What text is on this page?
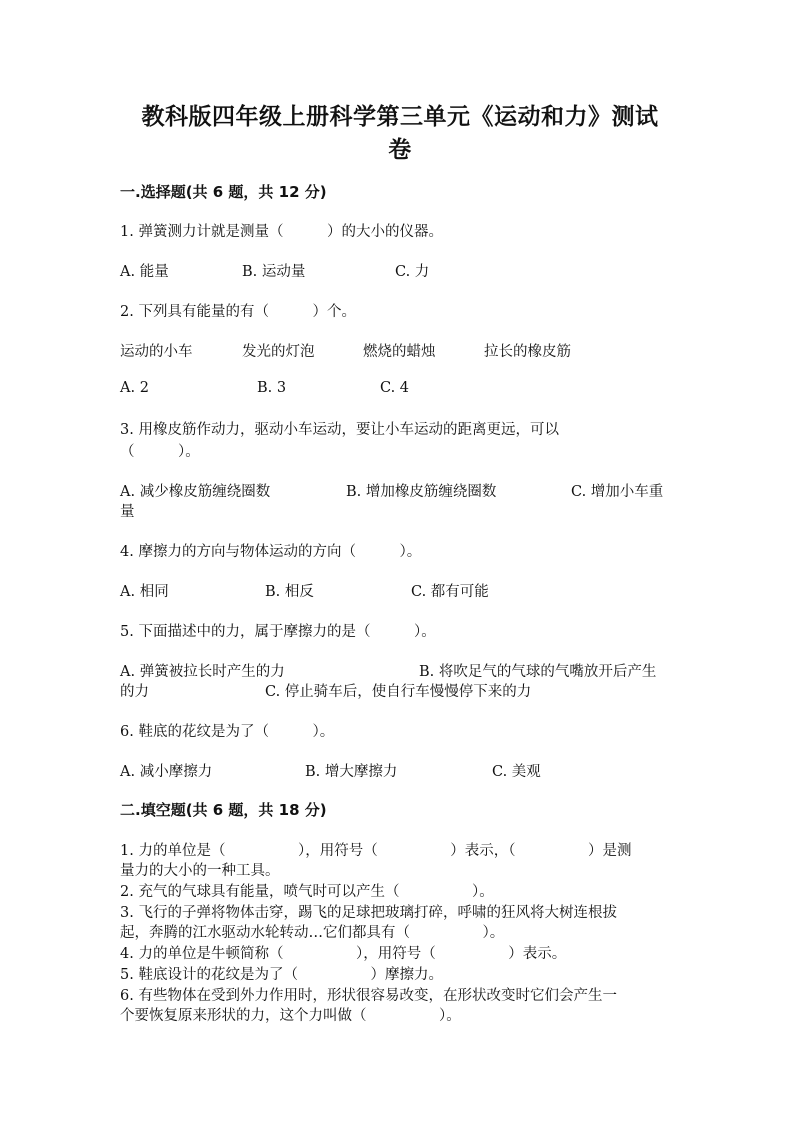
教科版四年级上册科学第三单元《运动和力》测试
卷
一.选择题(共 6 题，共 12 分)
1. 弹簧测力计就是测量（　　　）的大小的仪器。
A. 能量	B. 运动量	C. 力
2. 下列具有能量的有（　　　）个。
运动的小车	发光的灯泡	燃烧的蜡烛	拉长的橡皮筋
A. 2	B. 3	C. 4
3. 用橡皮筋作动力，驱动小车运动，要让小车运动的距离更远，可以
（　　　）。
A. 减少橡皮筋缠绕圈数	B. 增加橡皮筋缠绕圈数	C. 增加小车重
量
4. 摩擦力的方向与物体运动的方向（　　　）。
A. 相同	B. 相反	C. 都有可能
5. 下面描述中的力，属于摩擦力的是（　　　）。
A. 弹簧被拉长时产生的力	B. 将吹足气的气球的气嘴放开后产生
的力	C. 停止骑车后，使自行车慢慢停下来的力
6. 鞋底的花纹是为了（　　　）。
A. 减小摩擦力	B. 增大摩擦力	C. 美观
二.填空题(共 6 题，共 18 分)
1. 力的单位是（　　　　　），用符号（　　　　　）表示，（　　　　　）是测
量力的大小的一种工具。
2. 充气的气球具有能量，喷气时可以产生（　　　　　）。
3. 飞行的子弹将物体击穿，踢飞的足球把玻璃打碎，呼啸的狂风将大树连根拔
起，奔腾的江水驱动水轮转动…它们都具有（　　　　　）。
4. 力的单位是牛顿简称（　　　　　），用符号（　　　　　）表示。
5. 鞋底设计的花纹是为了（　　　　　）摩擦力。
6. 有些物体在受到外力作用时，形状很容易改变，在形状改变时它们会产生一
个要恢复原来形状的力，这个力叫做（　　　　　）。
